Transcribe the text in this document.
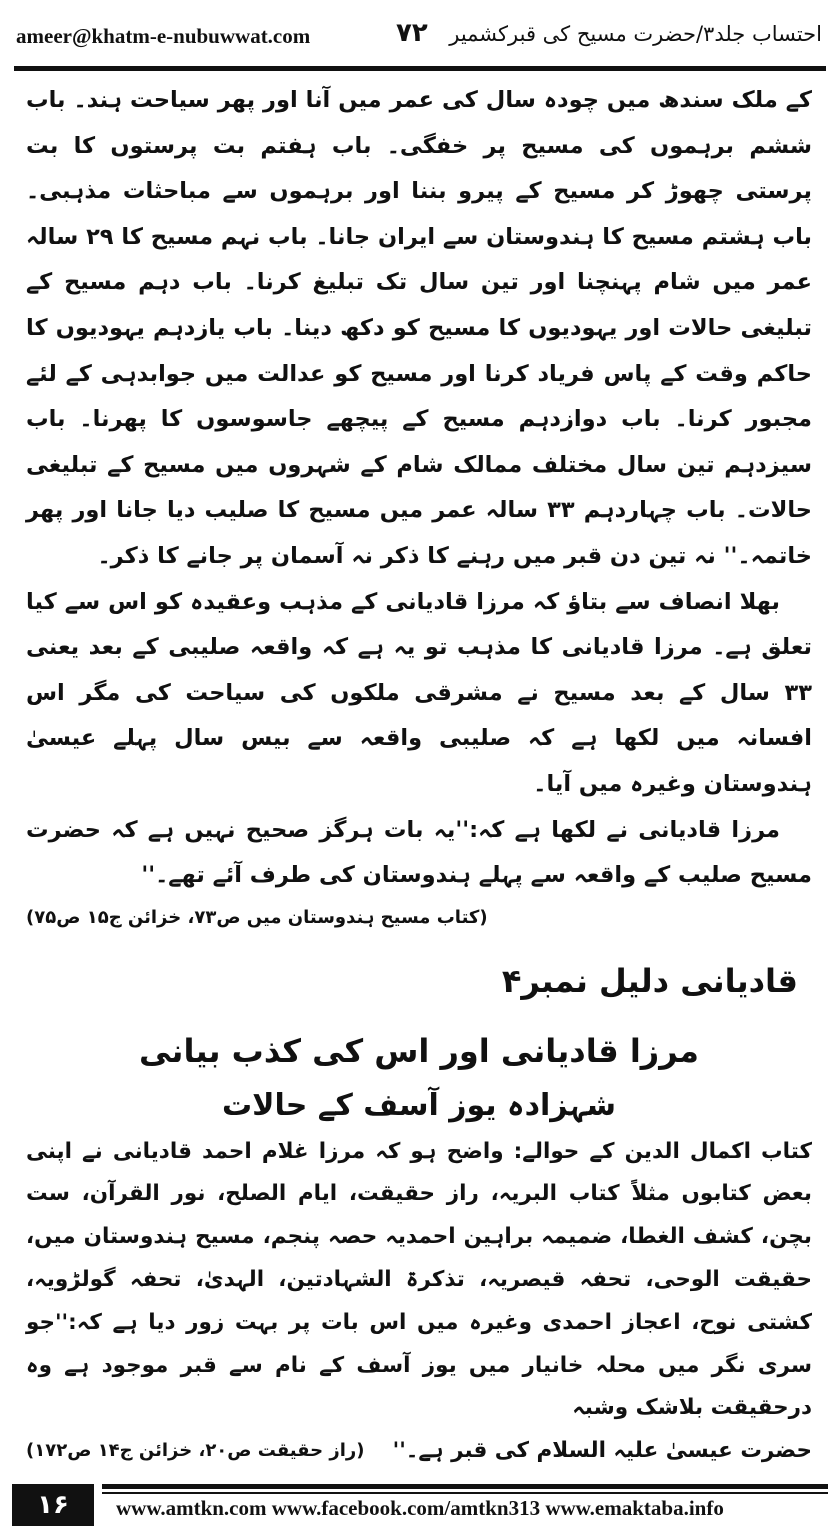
ameer@khatm-e-nubuwwat.com	۷۲ احتساب جلد۳/حضرت مسیح کی قبرکشمیر

کے ملک سندھ میں چودہ سال کی عمر میں آنا اور پھر سیاحت ہند۔ باب ششم برہموں کی مسیح پر خفگی۔ باب ہفتم بت پرستوں کا بت پرستی چھوڑ کر مسیح کے پیرو بننا اور برہموں سے مباحثات مذہبی۔ باب ہشتم مسیح کا ہندوستان سے ایران جانا۔ باب نہم مسیح کا ۲۹ سالہ عمر میں شام پہنچنا اور تین سال تک تبلیغ کرنا۔ باب دہم مسیح کے تبلیغی حالات اور یہودیوں کا مسیح کو دکھ دینا۔ باب یازدہم یہودیوں کا حاکم وقت کے پاس فریاد کرنا اور مسیح کو عدالت میں جوابدہی کے لئے مجبور کرنا۔ باب دوازدہم مسیح کے پیچھے جاسوسوں کا پھرنا۔ باب سیزدہم تین سال مختلف ممالک شام کے شہروں میں مسیح کے تبلیغی حالات۔ باب چہاردہم ۳۳ سالہ عمر میں مسیح کا صلیب دیا جانا اور پھر خاتمہ۔'' نہ تین دن قبر میں رہنے کا ذکر نہ آسمان پر جانے کا ذکر۔

بھلا انصاف سے بتاؤ کہ مرزا قادیانی کے مذہب وعقیدہ کو اس سے کیا تعلق ہے۔ مرزا قادیانی کا مذہب تو یہ ہے کہ واقعہ صلیبی کے بعد یعنی ۳۳ سال کے بعد مسیح نے مشرقی ملکوں کی سیاحت کی مگر اس افسانہ میں لکھا ہے کہ صلیبی واقعہ سے بیس سال پہلے عیسیٰ ہندوستان وغیرہ میں آیا۔

مرزا قادیانی نے لکھا ہے کہ:''یہ بات ہرگز صحیح نہیں ہے کہ حضرت مسیح صلیب کے واقعہ سے پہلے ہندوستان کی طرف آئے تھے۔''

(کتاب مسیح ہندوستان میں ص۷۳، خزائن ج۱۵ ص۷۵)

قادیانی دلیل نمبر۴
مرزا قادیانی اور اس کی کذب بیانی
شہزادہ یوز آسف کے حالات

کتاب اکمال الدین کے حوالے: واضح ہو کہ مرزا غلام احمد قادیانی نے اپنی بعض کتابوں مثلاً کتاب البریہ، راز حقیقت، ایام الصلح، نور القرآن، ست بچن، کشف الغطا، ضمیمہ براہین احمدیہ حصہ پنجم، مسیح ہندوستان میں، حقیقت الوحی، تحفہ قیصریہ، تذکرۃ الشہادتین، الہدیٰ، تحفہ گولڑویہ، کشتی نوح، اعجاز احمدی وغیرہ میں اس بات پر بہت زور دیا ہے کہ:''جو سری نگر میں محلہ خانیار میں یوز آسف کے نام سے قبر موجود ہے وہ درحقیقت بلاشک وشبہ

حضرت عیسیٰ علیہ السلام کی قبر ہے۔''
(راز حقیقت ص۲۰، خزائن ج۱۴ ص۱۷۲)
۱۶	www.amtkn.com www.facebook.com/amtkn313 www.emaktaba.info
